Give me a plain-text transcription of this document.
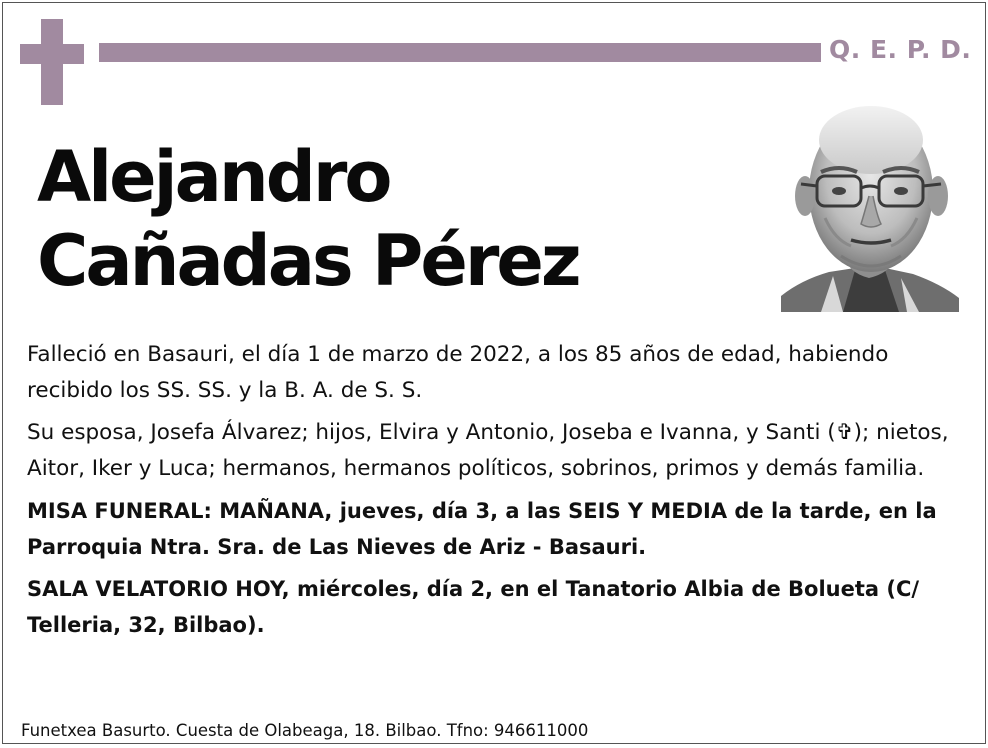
Q. E. P. D.
Alejandro
Cañadas Pérez

Falleció en Basauri, el día 1 de marzo de 2022, a los 85 años de edad, habiendo recibido los SS. SS. y la B. A. de S. S.

Su esposa, Josefa Álvarez; hijos, Elvira y Antonio, Joseba e Ivanna, y Santi (✞); nietos, Aitor, Iker y Luca; hermanos, hermanos políticos, sobrinos, primos y demás familia.

MISA FUNERAL: MAÑANA, jueves, día 3, a las SEIS Y MEDIA de la tarde, en la Parroquia Ntra. Sra. de Las Nieves de Ariz - Basauri.

SALA VELATORIO HOY, miércoles, día 2, en el Tanatorio Albia de Bolueta (C/ Telleria, 32, Bilbao).

Funetxea Basurto. Cuesta de Olabeaga, 18. Bilbao. Tfno: 946611000
